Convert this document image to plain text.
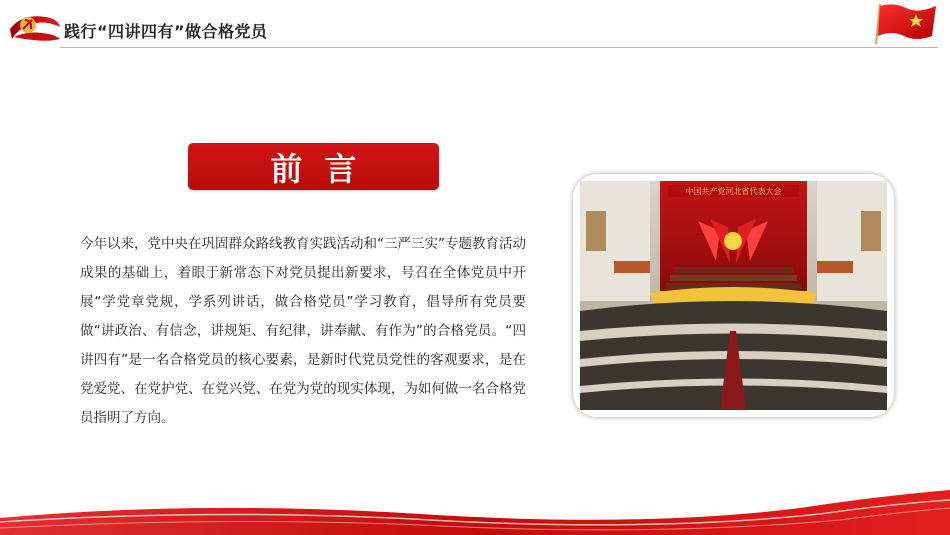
践行“四讲四有”做合格党员
前言
今年以来，党中央在巩固群众路线教育实践活动和“三严三实”专题教育活动成果的基础上，着眼于新常态下对党员提出新要求，号召在全体党员中开展“学党章党规，学系列讲话，做合格党员”学习教育，倡导所有党员要做“讲政治、有信念，讲规矩、有纪律，讲奉献、有作为”的合格党员。“四讲四有”是一名合格党员的核心要素，是新时代党员党性的客观要求，是在党爱党、在党护党、在党兴党、在党为党的现实体现，为如何做一名合格党员指明了方向。
中国共产党河北省代表大会
